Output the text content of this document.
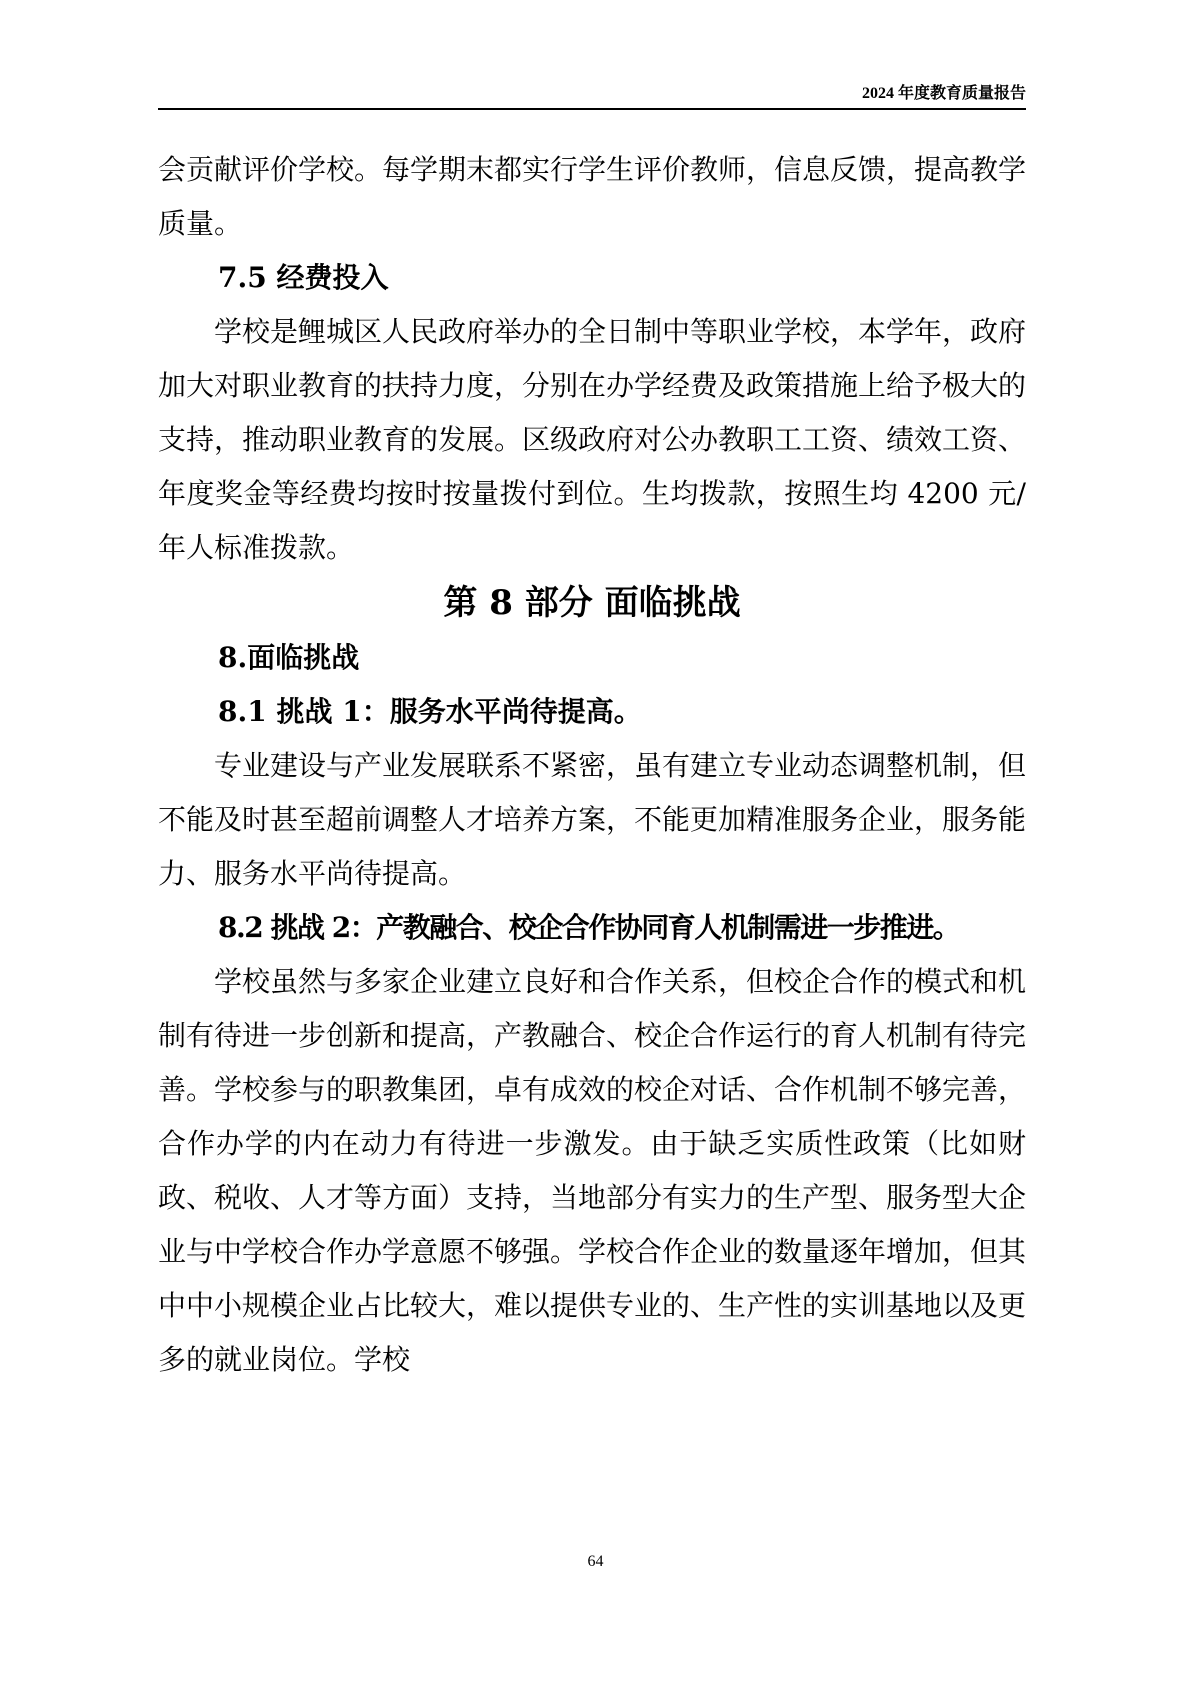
2024 年度教育质量报告

会贡献评价学校。每学期末都实行学生评价教师，信息反馈，提高教学质量。

7.5 经费投入

学校是鲤城区人民政府举办的全日制中等职业学校，本学年，政府加大对职业教育的扶持力度，分别在办学经费及政策措施上给予极大的支持，推动职业教育的发展。区级政府对公办教职工工资、绩效工资、年度奖金等经费均按时按量拨付到位。生均拨款，按照生均 4200 元/年人标准拨款。

第 8 部分 面临挑战

8.面临挑战

8.1 挑战 1：服务水平尚待提高。

专业建设与产业发展联系不紧密，虽有建立专业动态调整机制，但不能及时甚至超前调整人才培养方案，不能更加精准服务企业，服务能力、服务水平尚待提高。

8.2 挑战 2：产教融合、校企合作协同育人机制需进一步推进。

学校虽然与多家企业建立良好和合作关系，但校企合作的模式和机制有待进一步创新和提高，产教融合、校企合作运行的育人机制有待完善。学校参与的职教集团，卓有成效的校企对话、合作机制不够完善，合作办学的内在动力有待进一步激发。由于缺乏实质性政策（比如财政、税收、人才等方面）支持，当地部分有实力的生产型、服务型大企业与中学校合作办学意愿不够强。学校合作企业的数量逐年增加，但其中中小规模企业占比较大，难以提供专业的、生产性的实训基地以及更多的就业岗位。学校

64
